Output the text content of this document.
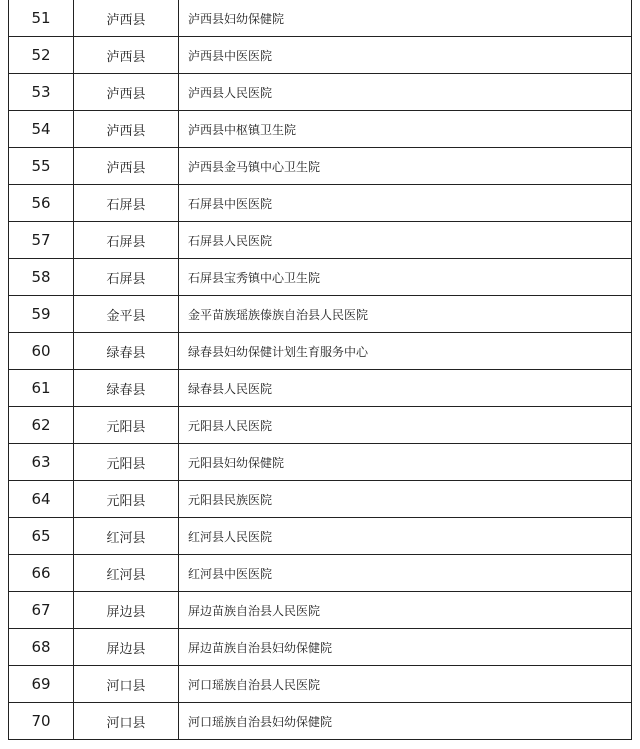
51	泸西县	泸西县妇幼保健院
52	泸西县	泸西县中医医院
53	泸西县	泸西县人民医院
54	泸西县	泸西县中枢镇卫生院
55	泸西县	泸西县金马镇中心卫生院
56	石屏县	石屏县中医医院
57	石屏县	石屏县人民医院
58	石屏县	石屏县宝秀镇中心卫生院
59	金平县	金平苗族瑶族傣族自治县人民医院
60	绿春县	绿春县妇幼保健计划生育服务中心
61	绿春县	绿春县人民医院
62	元阳县	元阳县人民医院
63	元阳县	元阳县妇幼保健院
64	元阳县	元阳县民族医院
65	红河县	红河县人民医院
66	红河县	红河县中医医院
67	屏边县	屏边苗族自治县人民医院
68	屏边县	屏边苗族自治县妇幼保健院
69	河口县	河口瑶族自治县人民医院
70	河口县	河口瑶族自治县妇幼保健院
